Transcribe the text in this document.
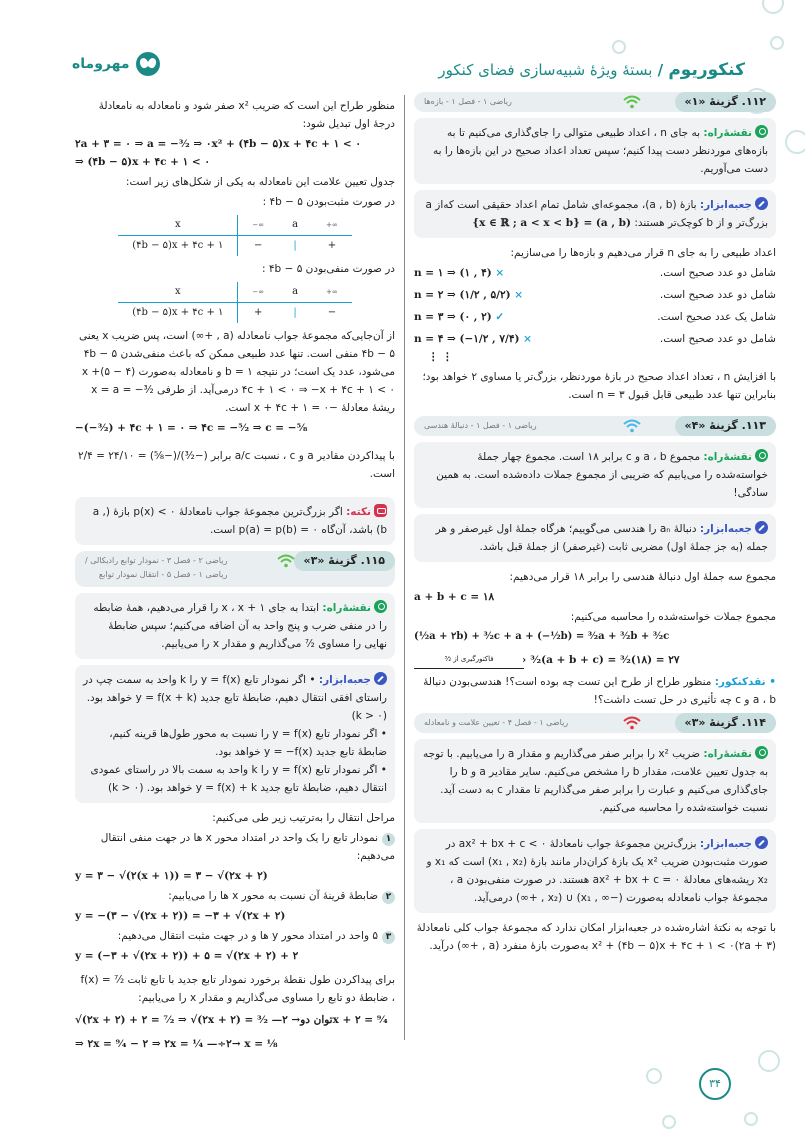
مهروماه	کنکوریوم / بستهٔ ویژهٔ شبیه‌سازی فضای کنکور
۱۱۲. گزینهٔ «۱»
ریاضی ۱ - فصل ۱ - بازه‌ها
نقشهٔ‌راه: به جای n ، اعداد طبیعی متوالی را جای‌گذاری می‌کنیم تا به بازه‌های موردنظر دست پیدا کنیم؛ سپس تعداد اعداد صحیح در این بازه‌ها را به دست می‌آوریم.
جعبه‌ابزار: بازهٔ (a , b)، مجموعه‌ای شامل تمام اعداد حقیقی است که‌از a بزرگ‌تر و از b کوچک‌تر هستند: (a , b) = {x ∈ ℝ ; a < x < b}
اعداد طبیعی را به جای n قرار می‌دهیم و بازه‌ها را می‌سازیم:
شامل دو عدد صحیح است.
n = ۱ ⇒ (۱ , ۴) ×
شامل دو عدد صحیح است.
n = ۲ ⇒ (۱/۲ , ۵/۲) ×
شامل یک عدد صحیح است.
n = ۳ ⇒ (۰ , ۲) ✓
شامل دو عدد صحیح است.
n = ۴ ⇒ (−۱/۲ , ۷/۴) ×
⋮ ⋮
با افزایش n ، تعداد اعداد صحیح در بازهٔ موردنظر، بزرگ‌تر یا مساوی ۲ خواهد بود؛ بنابراین تنها عدد طبیعی قابل قبول n = ۳ است.
۱۱۳. گزینهٔ «۴»
ریاضی ۱ - فصل ۱ - دنبالهٔ هندسی
نقشهٔ‌راه: مجموع a ، b و c برابر ۱۸ است. مجموع چهار جملهٔ خواسته‌شده را می‌یابیم که ضریبی از مجموع جملات داده‌شده است. به همین سادگی!
جعبه‌ابزار: دنبالهٔ aₙ را هندسی می‌گوییم؛ هرگاه جملهٔ اول غیرصفر و هر جمله (به جز جملهٔ اول) مضربی ثابت (غیرصفر) از جملهٔ قبل باشد.
مجموع سه جملهٔ اول دنبالهٔ هندسی را برابر ۱۸ قرار می‌دهیم:
a + b + c = ۱۸
مجموع جملات خواسته‌شده را محاسبه می‌کنیم:
(½a + ۲b) + ³⁄₂c + a + (−½b) = ³⁄₂a + ³⁄₂b + ³⁄₂c
فاکتورگیری از ³⁄₂	› ³⁄₂(a + b + c) = ³⁄₂(۱۸) = ۲۷
• نقدکنکور: منظور طراح از طرح این تست چه بوده است؟! هندسی‌بودن دنبالهٔ a ، b و c چه تأثیری در حل تست داشت؟!
۱۱۴. گزینهٔ «۳»
ریاضی ۱ - فصل ۴ - تعیین علامت و نامعادله
نقشهٔ‌راه: ضریب x² را برابر صفر می‌گذاریم و مقدار a را می‌یابیم. با توجه به جدول تعیین علامت، مقدار b را مشخص می‌کنیم. سایر مقادیر a و b را جای‌گذاری می‌کنیم و عبارت را برابر صفر می‌گذاریم تا مقدار c به دست آید. نسبت خواسته‌شده را محاسبه می‌کنیم.
جعبه‌ابزار: بزرگ‌ترین مجموعهٔ جواب نامعادلهٔ ax² + bx + c < ۰ در صورت مثبت‌بودن ضریب x² یک بازهٔ کران‌دار مانند بازهٔ (x₁ , x₂) است که x₁ و x₂ ریشه‌های معادلهٔ ax² + bx + c = ۰ هستند. در صورت منفی‌بودن a ، مجموعهٔ جواب نامعادله به‌صورت (−∞ , x₁) ∪ (x₂ , +∞) درمی‌آید.
با توجه به نکتهٔ اشاره‌شده در جعبه‌ابزار امکان ندارد که مجموعهٔ جواب کلی نامعادلهٔ (۲a + ۳)x² + (۴b − ۵)x + ۴c + ۱ < ۰ به‌صورت بازهٔ منفرد (a , +∞) درآید.
منظور طراح این است که ضریب x² صفر شود و نامعادله به نامعادلهٔ درجهٔ اول تبدیل شود:
۲a + ۳ = ۰ ⇒ a = −³⁄₂ ⇒ ۰x² + (۴b − ۵)x + ۴c + ۱ < ۰
⇒ (۴b − ۵)x + ۴c + ۱ < ۰
جدول تعیین علامت این نامعادله به یکی از شکل‌های زیر است:
در صورت مثبت‌بودن ۴b − ۵ :
x	−∞	a	+∞
(۴b − ۵)x + ۴c + ۱	−	|	+
در صورت منفی‌بودن ۴b − ۵ :
x	−∞	a	+∞
(۴b − ۵)x + ۴c + ۱	+	|	−
از آن‌جایی‌که مجموعهٔ جواب نامعادله (a , +∞) است، پس ضریب x یعنی ۴b − ۵ منفی است. تنها عدد طبیعی ممکن که باعث منفی‌شدن ۴b − ۵ می‌شود، عدد یک است؛ در نتیجه b = ۱ و نامعادله به‌صورت (۴ − ۵)x + ۴c + ۱ < ۰ ⇒ −x + ۴c + ۱ < ۰ درمی‌آید. از طرفی x = a = −³⁄₂ ریشهٔ معادلهٔ −x + ۴c + ۱ = ۰ است.
−(−³⁄₂) + ۴c + ۱ = ۰ ⇒ ۴c = −⁵⁄₂ ⇒ c = −⁵⁄₈
با پیداکردن مقادیر a و c ، نسبت a/c برابر (−³⁄₂)/(−⁵⁄₈) = ۲۴/۱۰ = ۲/۴ است.
نکته: اگر بزرگ‌ترین مجموعهٔ جواب نامعادلهٔ p(x) < ۰ بازهٔ (a , b) باشد، آن‌گاه p(a) = p(b) = ۰ است.
۱۱۵. گزینهٔ «۳»
ریاضی ۲ - فصل ۳ - نمودار توابع رادیکالی /
ریاضی ۱ - فصل ۵ - انتقال نمودار توابع
نقشهٔ‌راه: ابتدا به جای x ، x + ۱ را قرار می‌دهیم، همهٔ ضابطه را در منفی ضرب و پنج واحد به آن اضافه می‌کنیم؛ سپس ضابطهٔ نهایی را مساوی ⁷⁄₂ می‌گذاریم و مقدار x را می‌یابیم.
جعبه‌ابزار: • اگر نمودار تابع y = f(x) را k واحد به سمت چپ در راستای افقی انتقال دهیم، ضابطهٔ تابع جدید y = f(x + k) خواهد بود. (k > ۰)
• اگر نمودار تابع y = f(x) را نسبت به محور طول‌ها قرینه کنیم، ضابطهٔ تابع جدید y = −f(x) خواهد بود.
• اگر نمودار تابع y = f(x) را k واحد به سمت بالا در راستای عمودی انتقال دهیم، ضابطهٔ تابع جدید y = f(x) + k خواهد بود. (k > ۰)
مراحل انتقال را به‌ترتیب زیر طی می‌کنیم:
۱نمودار تابع را یک واحد در امتداد محور x ها در جهت منفی انتقال می‌دهیم:
y = ۳ − √(۲(x + ۱)) = ۳ − √(۲x + ۲)
۲ضابطهٔ قرینهٔ آن نسبت به محور x ها را می‌یابیم:
y = −(۳ − √(۲x + ۲)) = −۳ + √(۲x + ۲)
۳۵ واحد در امتداد محور y ها و در جهت مثبت انتقال می‌دهیم:
y = (−۳ + √(۲x + ۲)) + ۵ = √(۲x + ۲) + ۲
برای پیداکردن طول نقطهٔ برخورد نمودار تابع جدید با تابع ثابت f(x) = ⁷⁄₂ ، ضابطهٔ دو تابع را مساوی می‌گذاریم و مقدار x را می‌یابیم:
√(۲x + ۲) + ۲ = ⁷⁄₂ ⇒ √(۲x + ۲) = ³⁄₂ —توان دو→ ۲x + ۲ = ⁹⁄₄
⇒ ۲x = ⁹⁄₄ − ۲ ⇒ ۲x = ¼ —÷۲→ x = ⅛
۳۴
